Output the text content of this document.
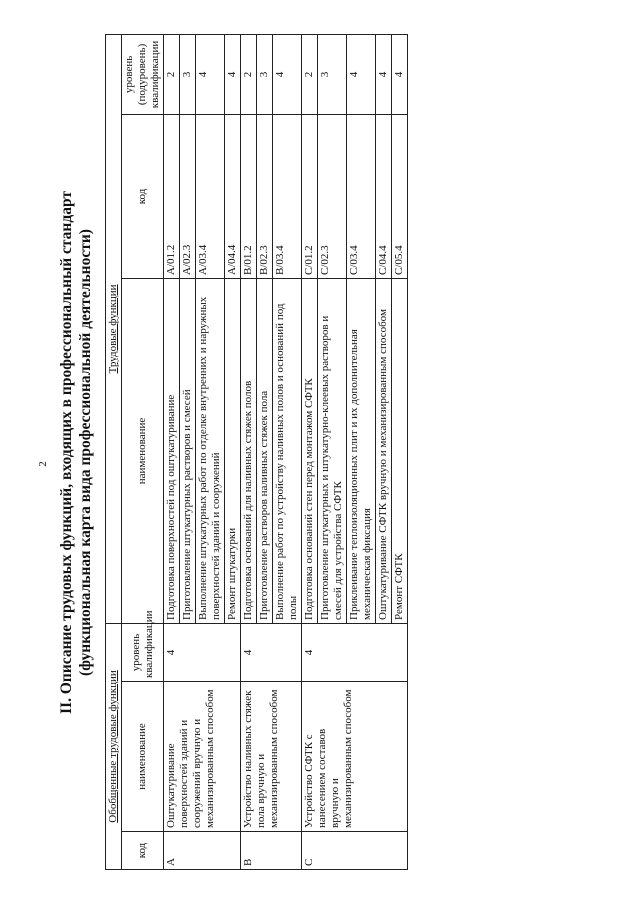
2 II. Описание трудовых функций, входящих в профессиональный стандарт (функциональная карта вида профессиональной деятельности)
Обобщенные трудовые функции			Трудовые функции		
код	наименование	уровень квалификации	наименование	код	уровень (подуровень) квалификации
A	Оштукатуривание поверхностей зданий и сооружений вручную и механизированным способом	4	Подготовка поверхностей под оштукатуривание	A/01.2	2
			Приготовление штукатурных растворов и смесей	A/02.3	3
			Выполнение штукатурных работ по отделке внутренних и наружных поверхностей зданий и сооружений	A/03.4	4
			Ремонт штукатурки	A/04.4	4
B	Устройство наливных стяжек пола вручную и механизированным способом	4	Подготовка оснований для наливных стяжек полов	B/01.2	2
			Приготовление растворов наливных стяжек пола	B/02.3	3
			Выполнение работ по устройству наливных полов и оснований под полы	B/03.4	4
C	Устройство СФТК с нанесением составов вручную и механизированным способом	4	Подготовка оснований стен перед монтажом СФТК	C/01.2	2
			Приготовление штукатурных и штукатурно-клеевых растворов и смесей для устройства СФТК	C/02.3	3
			Приклеивание теплоизоляционных плит и их дополнительная механическая фиксация	C/03.4	4
			Оштукатуривание СФТК вручную и механизированным способом	C/04.4	4
			Ремонт СФТК	C/05.4	4
